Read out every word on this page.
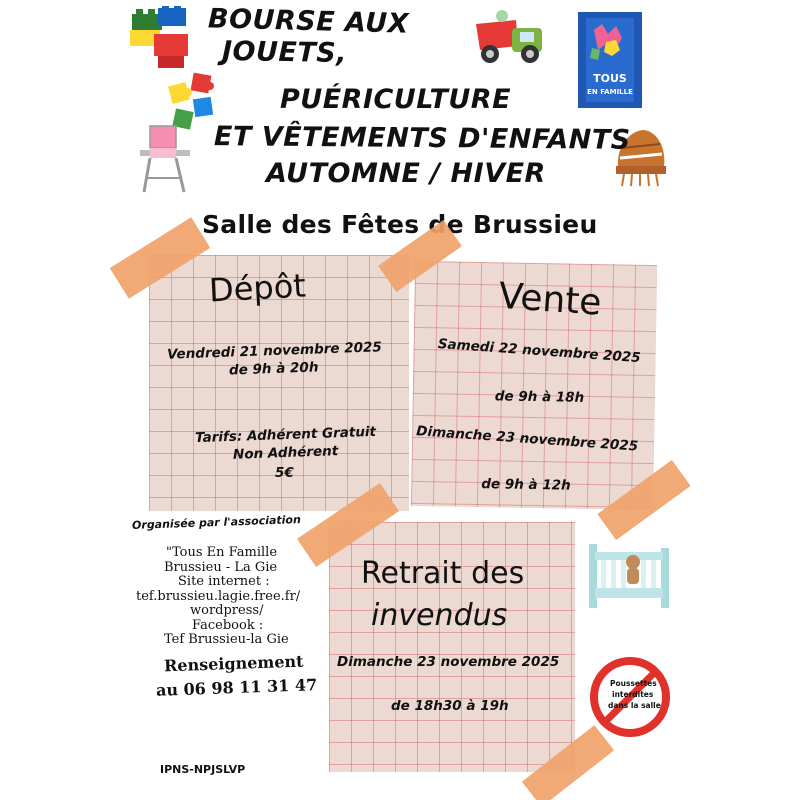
TOUS
EN FAMILLE
BOURSE AUX
JOUETS,
PUÉRICULTURE
ET VÊTEMENTS D'ENFANTS
AUTOMNE / HIVER
Salle des Fêtes de Brussieu
Dépôt
Vendredi 21 novembre 2025
de 9h à 20h
Tarifs: Adhérent Gratuit
Non Adhérent
5€
Vente
Samedi 22 novembre 2025
de 9h à 18h
Dimanche 23 novembre 2025
de 9h à 12h
Retrait des
invendus
Dimanche 23 novembre 2025
de 18h30 à 19h
Organisée par l'association
"Tous En Famille
Brussieu - La Gie
Site internet :
tef.brussieu.lagie.free.fr/
wordpress/
Facebook :
Tef Brussieu-la Gie
Renseignement
au 06 98 11 31 47	Poussettes
interdites
dans la salle
IPNS-NPJSLVP
